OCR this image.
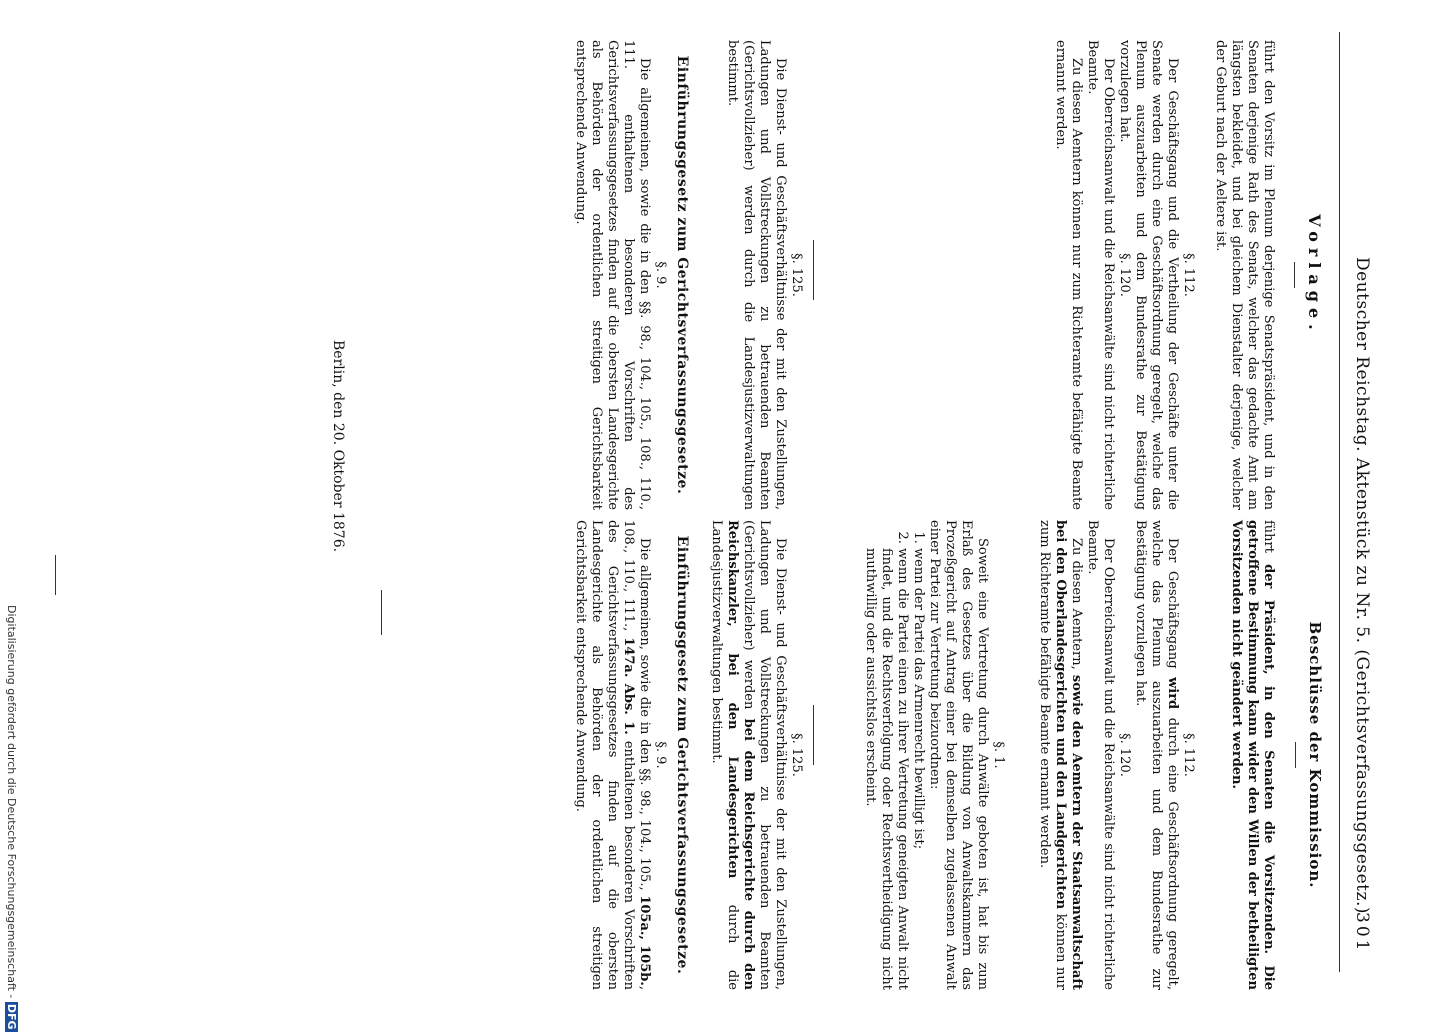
Deutscher Reichstag. Aktenstück zu Nr. 5. (Gerichtsverfassungsgesetz.)
301
Vorlage.

führt den Vorsitz im Plenum derjenige Senatspräsident, und in den Senaten derjenige Rath des Senats, welcher das gedachte Amt am längsten bekleidet, und bei gleichem Dienstalter derjenige, welcher der Geburt nach der Aeltere ist.

§. 112.

Der Geschäftsgang und die Vertheilung der Geschäfte unter die Senate werden durch eine Geschäftsordnung geregelt, welche das Plenum auszuarbeiten und dem Bundesrathe zur Bestätigung vorzulegen hat.

§. 120.

Der Oberreichsanwalt und die Reichsanwälte sind nicht richterliche Beamte.

Zu diesen Aemtern können nur zum Richteramte befähigte Beamte ernannt werden.

§. 125.

Die Dienst- und Geschäftsverhältnisse der mit den Zustellungen, Ladungen und Vollstreckungen zu betrauenden Beamten (Gerichtsvollzieher) werden durch die Landesjustizverwaltungen bestimmt.

Einführungsgesetz zum Gerichtsverfassungsgesetze.
§. 9.

Die allgemeinen, sowie die in den §§. 98., 104., 105., 108., 110., 111. enthaltenen besonderen Vorschriften des Gerichtsverfassungsgesetzes finden auf die obersten Landesgerichte als Behörden der ordentlichen streitigen Gerichtsbarkeit entsprechende Anwendung.

Beschlüsse der Kommission.

führt der Präsident, in den Senaten die Vorsitzenden. Die getroffene Bestimmung kann wider den Willen der betheiligten Vorsitzenden nicht geändert werden.

§. 112.

Der Geschäftsgang wird durch eine Geschäftsordnung geregelt, welche das Plenum auszuarbeiten und dem Bundesrathe zur Bestätigung vorzulegen hat.

§. 120.

Der Oberreichsanwalt und die Reichsanwälte sind nicht richterliche Beamte.

Zu diesen Aemtern, sowie den Aemtern der Staatsanwaltschaft bei den Oberlandesgerichten und den Landgerichten können nur zum Richteramte befähigte Beamte ernannt werden.

§. 1.

Soweit eine Vertretung durch Anwälte geboten ist, hat bis zum Erlaß des Gesetzes über die Bildung von Anwaltskammern das Prozeßgericht auf Antrag einer bei demselben zugelassenen Anwalt einer Partei zur Vertretung beizuordnen:

1. wenn der Partei das Armenrecht bewilligt ist;
2. wenn die Partei einen zu ihrer Vertretung geneigten Anwalt nicht findet, und die Rechtsverfolgung oder Rechtsvertheidigung nicht muthwillig oder aussichtslos erscheint.
§. 125.

Die Dienst- und Geschäftsverhältnisse der mit den Zustellungen, Ladungen und Vollstreckungen zu betrauenden Beamten (Gerichtsvollzieher) werden bei dem Reichsgerichte durch den Reichskanzler, bei den Landesgerichten durch die Landesjustizverwaltungen bestimmt.

Einführungsgesetz zum Gerichtsverfassungsgesetze.
§. 9.

Die allgemeinen, sowie die in den §§. 98., 104., 105., 105a., 105b., 108., 110., 111., 147a. Abs. 1. enthaltenen besonderen Vorschriften des Gerichtsverfassungsgesetzes finden auf die obersten Landesgerichte als Behörden der ordentlichen streitigen Gerichtsbarkeit entsprechende Anwendung.

Berlin, den 20. Oktober 1876.
Digitalisierung gefördert durch die Deutsche Forschungsgemeinschaft - DFG
